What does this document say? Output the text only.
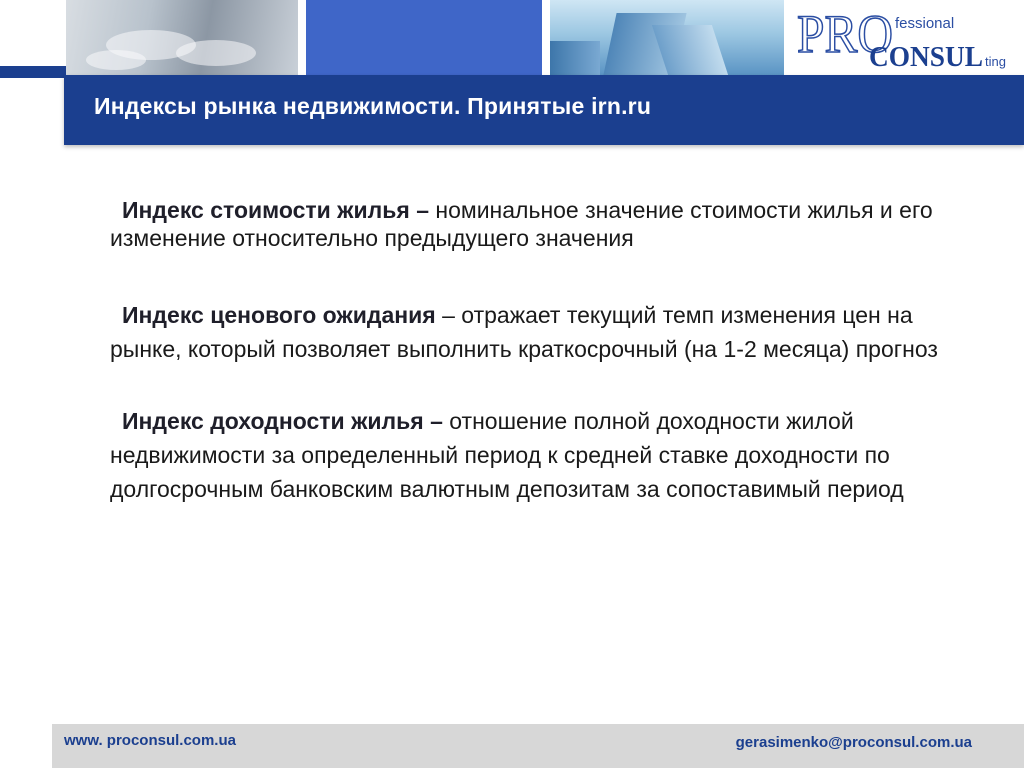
PRO fessional
CONSUL ting
Индексы рынка недвижимости. Принятые irn.ru

Индекс стоимости жилья – номинальное значение стоимости жилья и его изменение относительно предыдущего значения

Индекс ценового ожидания – отражает текущий темп изменения цен на рынке, который позволяет выполнить краткосрочный (на 1-2 месяца) прогноз

Индекс доходности жилья – отношение полной доходности жилой недвижимости за определенный период к средней ставке доходности по долгосрочным банковским валютным депозитам за сопоставимый период

www. proconsul.com.ua	gerasimenko@proconsul.com.ua
